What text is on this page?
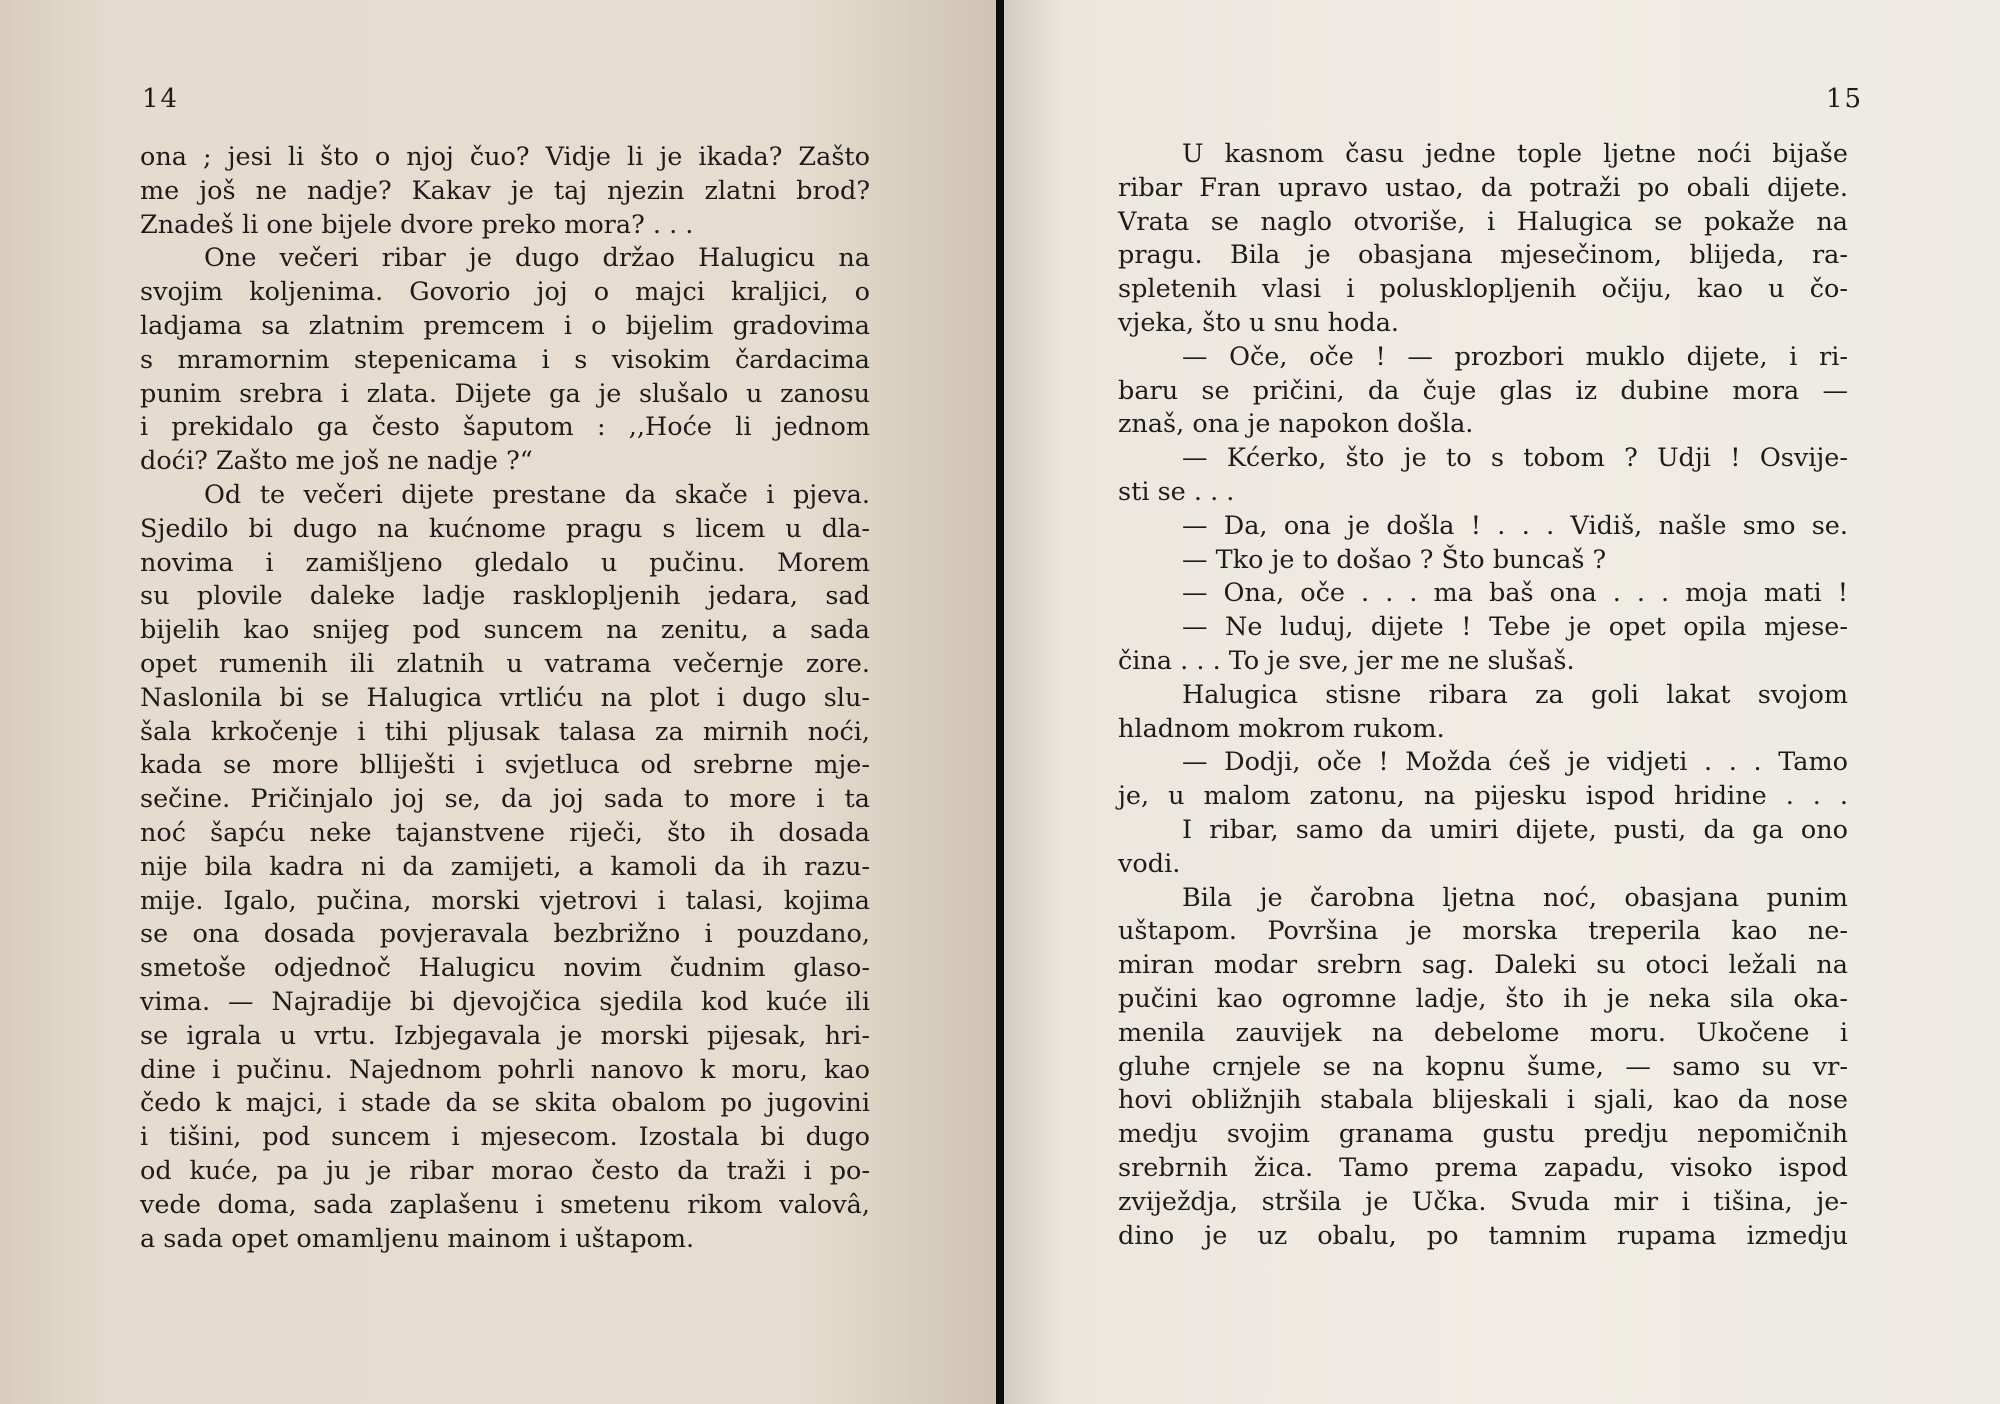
14
ona ; jesi li što o njoj čuo? Vidje li je ikada? Zašto
me još ne nadje? Kakav je taj njezin zlatni brod?
Znadeš li one bijele dvore preko mora? . . .
One večeri ribar je dugo držao Halugicu na
svojim koljenima. Govorio joj o majci kraljici, o
ladjama sa zlatnim premcem i o bijelim gradovima
s mramornim stepenicama i s visokim čardacima
punim srebra i zlata. Dijete ga je slušalo u zanosu
i prekidalo ga često šaputom : ,,Hoće li jednom
doći? Zašto me još ne nadje ?“
Od te večeri dijete prestane da skače i pjeva.
Sjedilo bi dugo na kućnome pragu s licem u dla-
novima i zamišljeno gledalo u pučinu. Morem
su plovile daleke ladje rasklopljenih jedara, sad
bijelih kao snijeg pod suncem na zenitu, a sada
opet rumenih ili zlatnih u vatrama večernje zore.
Naslonila bi se Halugica vrtliću na plot i dugo slu-
šala krkočenje i tihi pljusak talasa za mirnih noći,
kada se more blliješti i svjetluca od srebrne mje-
sečine. Pričinjalo joj se, da joj sada to more i ta
noć šapću neke tajanstvene riječi, što ih dosada
nije bila kadra ni da zamijeti, a kamoli da ih razu-
mije. Igalo, pučina, morski vjetrovi i talasi, kojima
se ona dosada povjeravala bezbrižno i pouzdano,
smetoše odjednoč Halugicu novim čudnim glaso-
vima. — Najradije bi djevojčica sjedila kod kuće ili
se igrala u vrtu. Izbjegavala je morski pijesak, hri-
dine i pučinu. Najednom pohrli nanovo k moru, kao
čedo k majci, i stade da se skita obalom po jugovini
i tišini, pod suncem i mjesecom. Izostala bi dugo
od kuće, pa ju je ribar morao često da traži i po-
vede doma, sada zaplašenu i smetenu rikom valovâ,
a sada opet omamljenu mainom i uštapom.
15
U kasnom času jedne tople ljetne noći bijaše
ribar Fran upravo ustao, da potraži po obali dijete.
Vrata se naglo otvoriše, i Halugica se pokaže na
pragu. Bila je obasjana mjesečinom, blijeda, ra-
spletenih vlasi i polusklopljenih očiju, kao u čo-
vjeka, što u snu hoda.
— Oče, oče ! — prozbori muklo dijete, i ri-
baru se pričini, da čuje glas iz dubine mora —
znaš, ona je napokon došla.
— Kćerko, što je to s tobom ? Udji ! Osvije-
sti se . . .
— Da, ona je došla ! . . . Vidiš, našle smo se.
— Tko je to došao ? Što buncaš ?
— Ona, oče . . . ma baš ona . . . moja mati !
— Ne luduj, dijete ! Tebe je opet opila mjese-
čina . . . To je sve, jer me ne slušaš.
Halugica stisne ribara za goli lakat svojom
hladnom mokrom rukom.
— Dodji, oče ! Možda ćeš je vidjeti . . . Tamo
je, u malom zatonu, na pijesku ispod hridine . . .
I ribar, samo da umiri dijete, pusti, da ga ono
vodi.
Bila je čarobna ljetna noć, obasjana punim
uštapom. Površina je morska treperila kao ne-
miran modar srebrn sag. Daleki su otoci ležali na
pučini kao ogromne ladje, što ih je neka sila oka-
menila zauvijek na debelome moru. Ukočene i
gluhe crnjele se na kopnu šume, — samo su vr-
hovi obližnjih stabala blijeskali i sjali, kao da nose
medju svojim granama gustu predju nepomičnih
srebrnih žica. Tamo prema zapadu, visoko ispod
zviježdja, stršila je Učka. Svuda mir i tišina, je-
dino je uz obalu, po tamnim rupama izmedju
